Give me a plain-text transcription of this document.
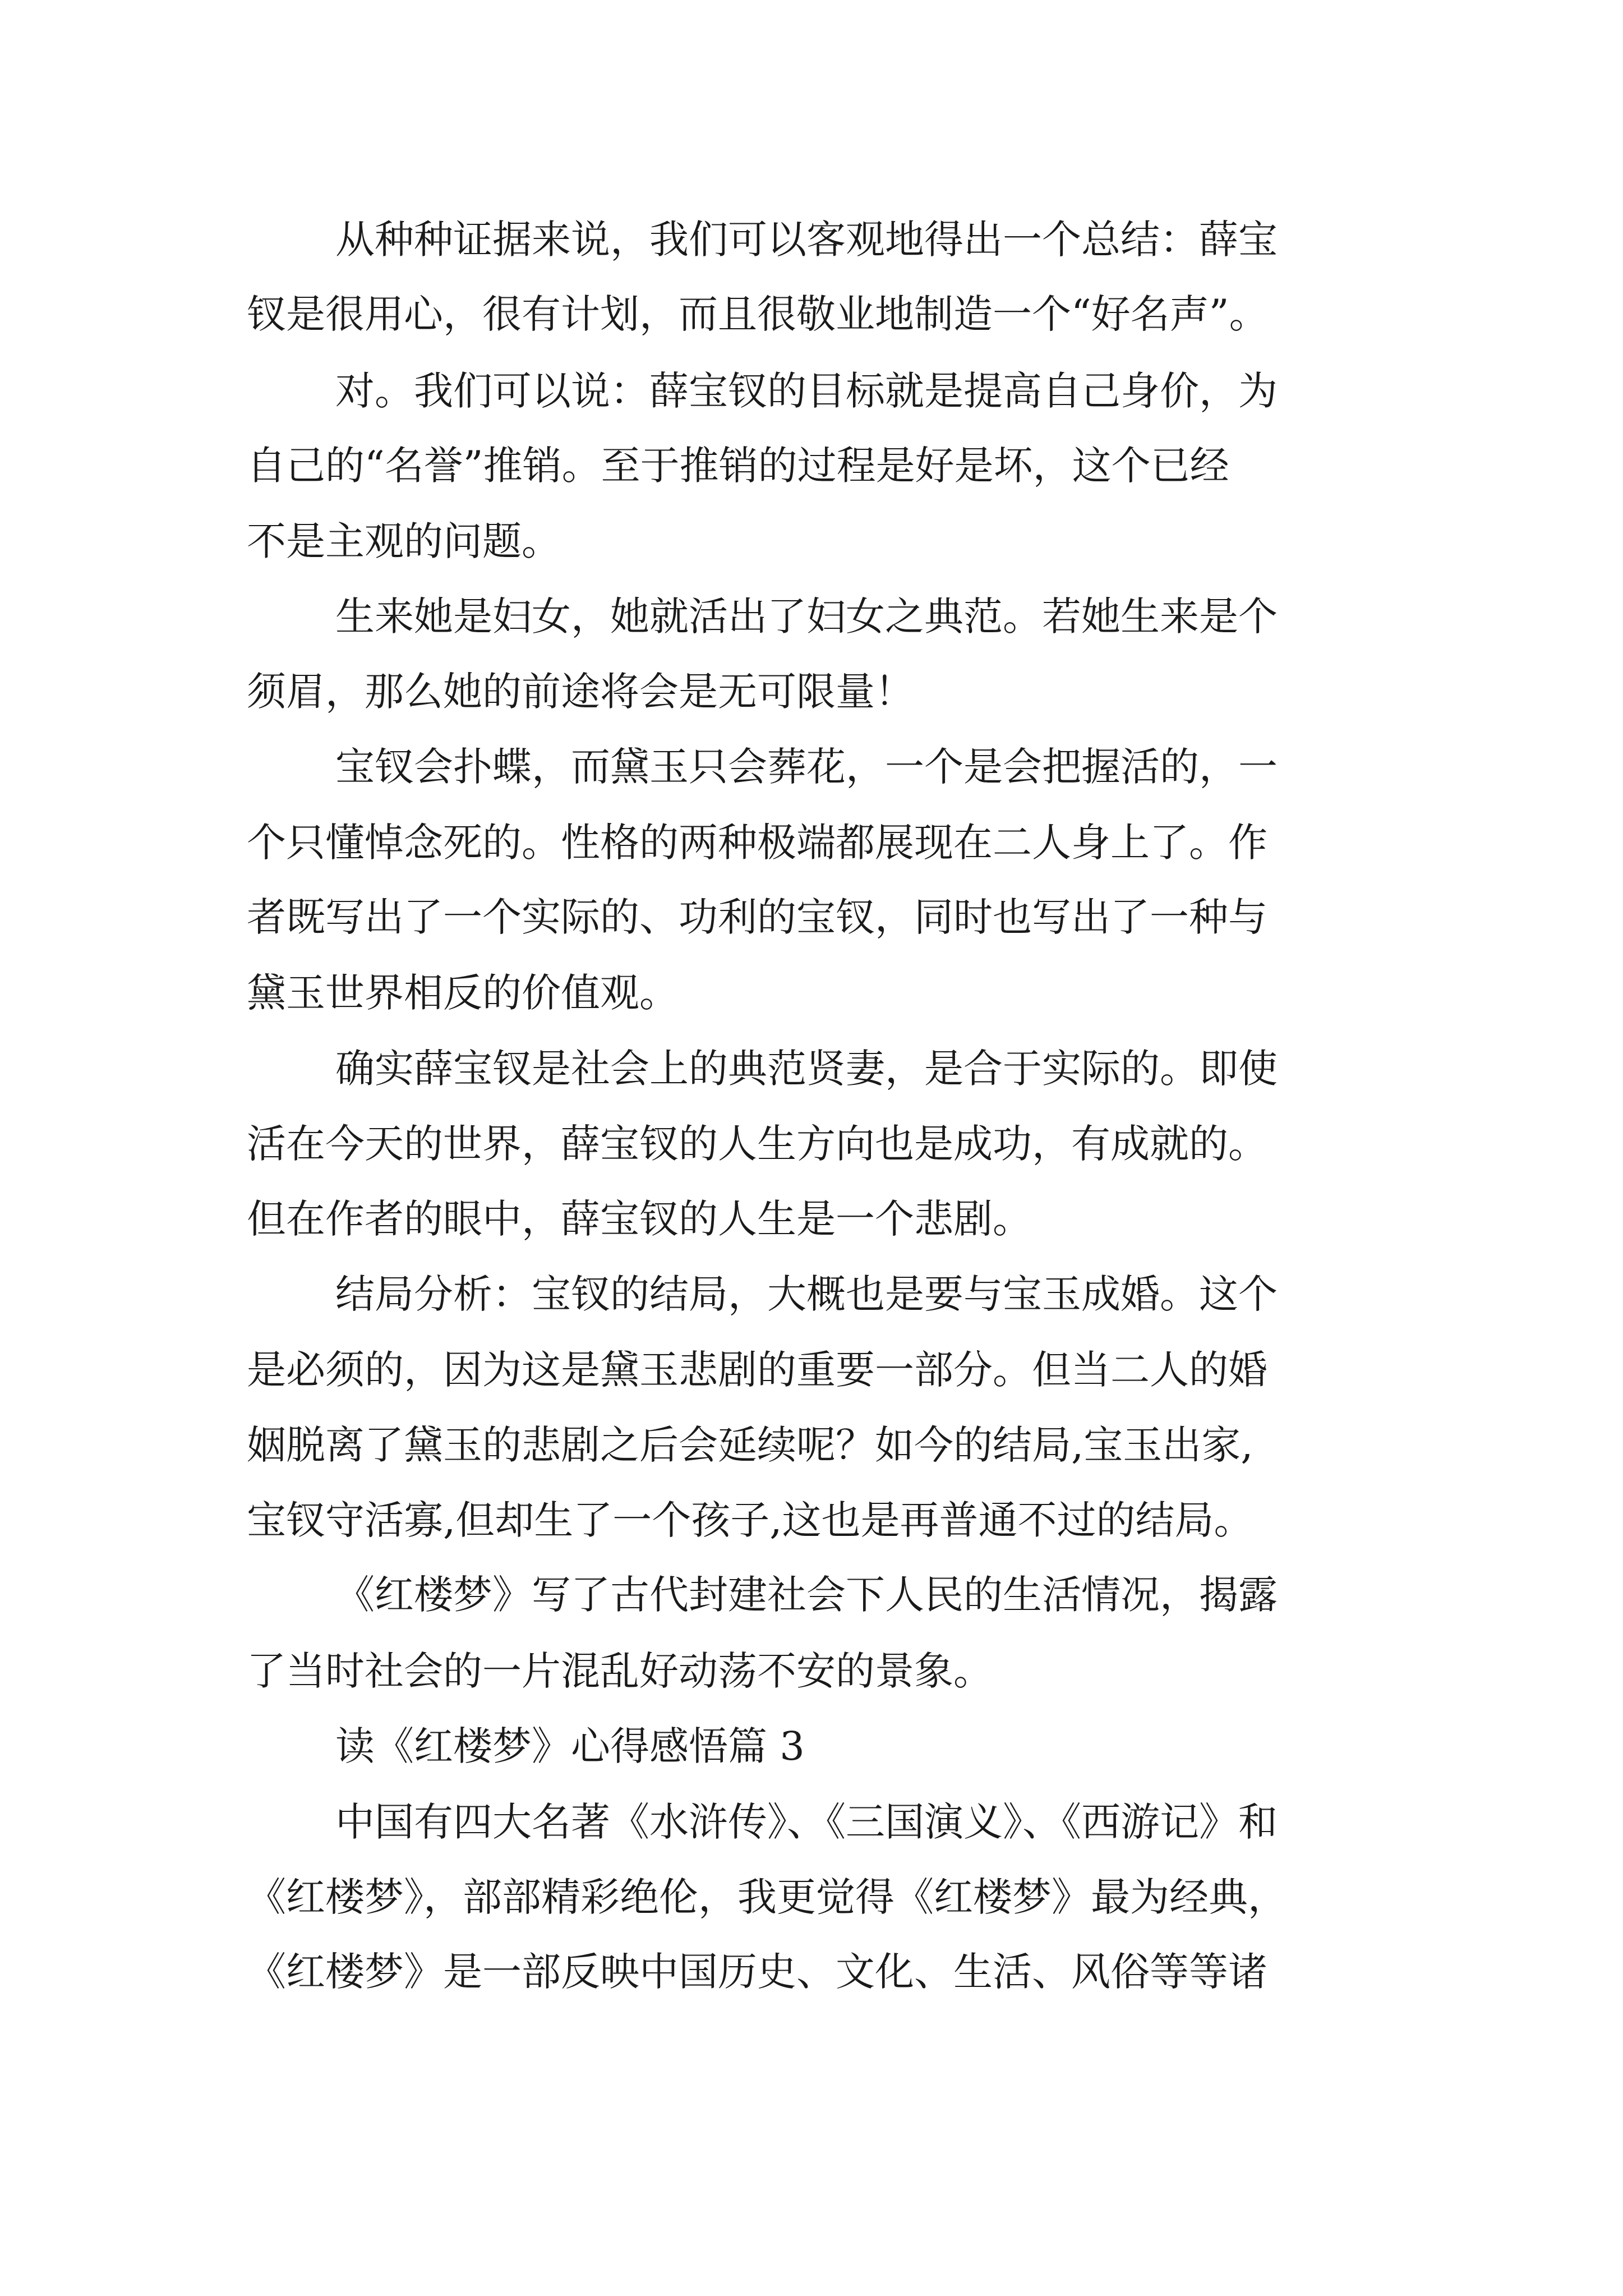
从种种证据来说，我们可以客观地得出一个总结：薛宝
钗是很用心，很有计划，而且很敬业地制造一个“好名声”。
对。我们可以说：薛宝钗的目标就是提高自己身价，为
自己的“名誉”推销。至于推销的过程是好是坏，这个已经
不是主观的问题。
生来她是妇女，她就活出了妇女之典范。若她生来是个
须眉，那么她的前途将会是无可限量！
宝钗会扑蝶，而黛玉只会葬花，一个是会把握活的，一
个只懂悼念死的。性格的两种极端都展现在二人身上了。作
者既写出了一个实际的、功利的宝钗，同时也写出了一种与
黛玉世界相反的价值观。
确实薛宝钗是社会上的典范贤妻，是合于实际的。即使
活在今天的世界，薛宝钗的人生方向也是成功，有成就的。
但在作者的眼中，薛宝钗的人生是一个悲剧。
结局分析：宝钗的结局，大概也是要与宝玉成婚。这个
是必须的，因为这是黛玉悲剧的重要一部分。但当二人的婚
姻脱离了黛玉的悲剧之后会延续呢？如今的结局,宝玉出家,
宝钗守活寡,但却生了一个孩子,这也是再普通不过的结局。
《红楼梦》写了古代封建社会下人民的生活情况，揭露
了当时社会的一片混乱好动荡不安的景象。
读《红楼梦》心得感悟篇 3
中国有四大名著《水浒传》、《三国演义》、《西游记》和
《红楼梦》，部部精彩绝伦，我更觉得《红楼梦》最为经典，
《红楼梦》是一部反映中国历史、文化、生活、风俗等等诸
